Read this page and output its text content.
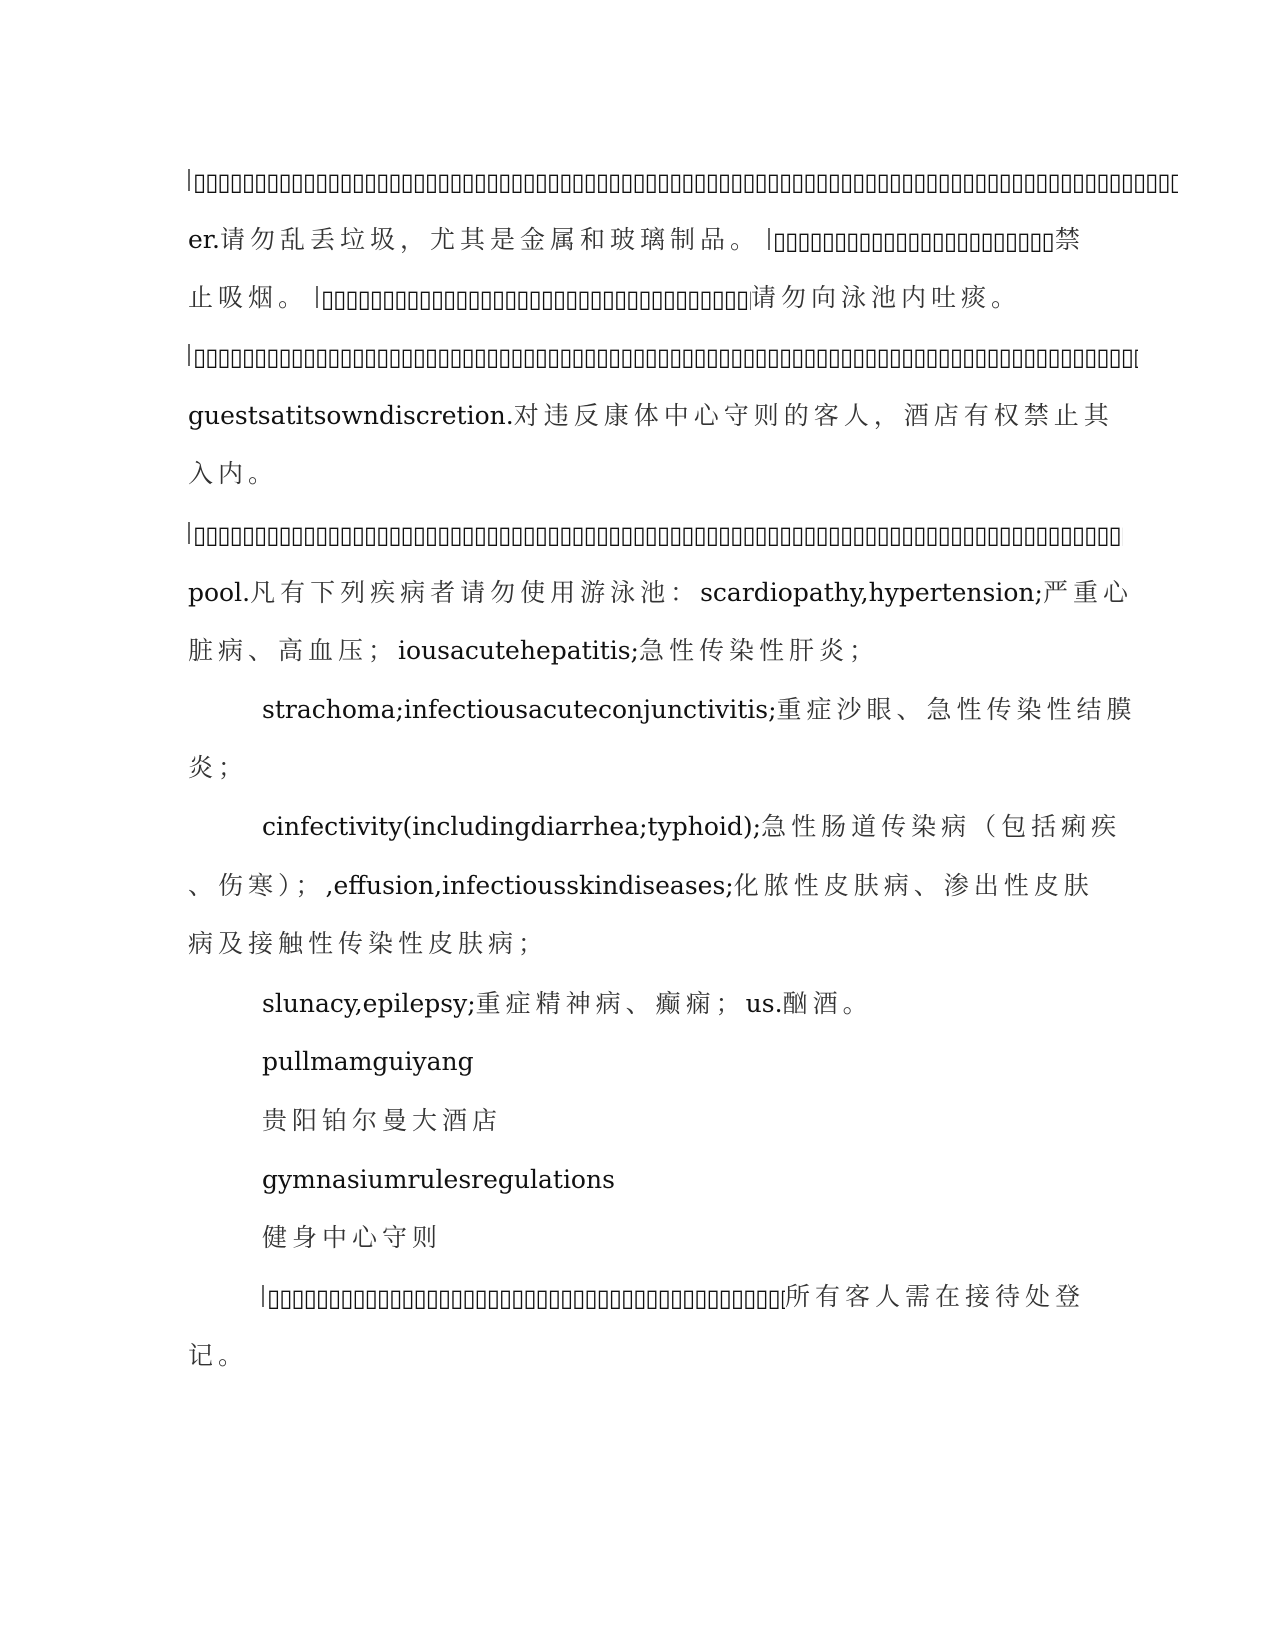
▯▯▯▯▯▯▯▯▯▯▯▯▯▯▯▯▯▯▯▯▯▯▯▯▯▯▯▯▯▯▯▯▯▯▯▯▯▯▯▯▯▯▯▯▯▯▯▯▯▯▯▯▯▯▯▯▯▯▯▯▯▯▯▯▯▯▯▯▯▯▯▯▯▯▯▯▯▯▯▯▯▯▯▯▯▯▯▯▯▯
er.请勿乱丢垃圾，尤其是金属和玻璃制品。 ▯▯▯▯▯▯▯▯▯▯▯▯▯▯▯▯▯▯▯▯▯▯▯▯▯▯▯▯▯▯▯▯▯▯▯▯▯▯▯▯▯▯▯▯▯▯▯▯▯▯▯▯▯▯▯▯▯▯▯▯▯▯▯▯▯▯▯▯▯▯▯▯▯▯▯▯▯▯▯▯▯▯▯▯▯▯▯▯▯▯	禁
止吸烟。 ▯▯▯▯▯▯▯▯▯▯▯▯▯▯▯▯▯▯▯▯▯▯▯▯▯▯▯▯▯▯▯▯▯▯▯▯▯▯▯▯▯▯▯▯▯▯▯▯▯▯▯▯▯▯▯▯▯▯▯▯▯▯▯▯▯▯▯▯▯▯▯▯▯▯▯▯▯▯▯▯▯▯▯▯▯▯▯▯▯▯	请勿向泳池内吐痰。
▯▯▯▯▯▯▯▯▯▯▯▯▯▯▯▯▯▯▯▯▯▯▯▯▯▯▯▯▯▯▯▯▯▯▯▯▯▯▯▯▯▯▯▯▯▯▯▯▯▯▯▯▯▯▯▯▯▯▯▯▯▯▯▯▯▯▯▯▯▯▯▯▯▯▯▯▯▯▯▯▯▯▯▯▯▯▯▯▯▯
guestsatitsowndiscretion.对违反康体中心守则的客人，酒店有权禁止其
入内。
▯▯▯▯▯▯▯▯▯▯▯▯▯▯▯▯▯▯▯▯▯▯▯▯▯▯▯▯▯▯▯▯▯▯▯▯▯▯▯▯▯▯▯▯▯▯▯▯▯▯▯▯▯▯▯▯▯▯▯▯▯▯▯▯▯▯▯▯▯▯▯▯▯▯▯▯▯▯▯▯▯▯▯▯▯▯▯▯▯▯
pool.凡有下列疾病者请勿使用游泳池：scardiopathy,hypertension;严重心
脏病、高血压；iousacutehepatitis;急性传染性肝炎；
strachoma;infectiousacuteconjunctivitis;重症沙眼、急性传染性结膜
炎；
cinfectivity(includingdiarrhea;typhoid);急性肠道传染病（包括痢疾
、伤寒）；,effusion,infectiousskindiseases;化脓性皮肤病、渗出性皮肤
病及接触性传染性皮肤病；
slunacy,epilepsy;重症精神病、癫痫；us.酗酒。
pullmamguiyang
贵阳铂尔曼大酒店
gymnasiumrulesregulations
健身中心守则
▯▯▯▯▯▯▯▯▯▯▯▯▯▯▯▯▯▯▯▯▯▯▯▯▯▯▯▯▯▯▯▯▯▯▯▯▯▯▯▯▯▯▯▯▯▯▯▯▯▯▯▯▯▯▯▯▯▯▯▯▯▯▯▯▯▯▯▯▯▯▯▯▯▯▯▯▯▯▯▯▯▯▯▯▯▯▯▯▯▯所有客人需在接待处登
记。
